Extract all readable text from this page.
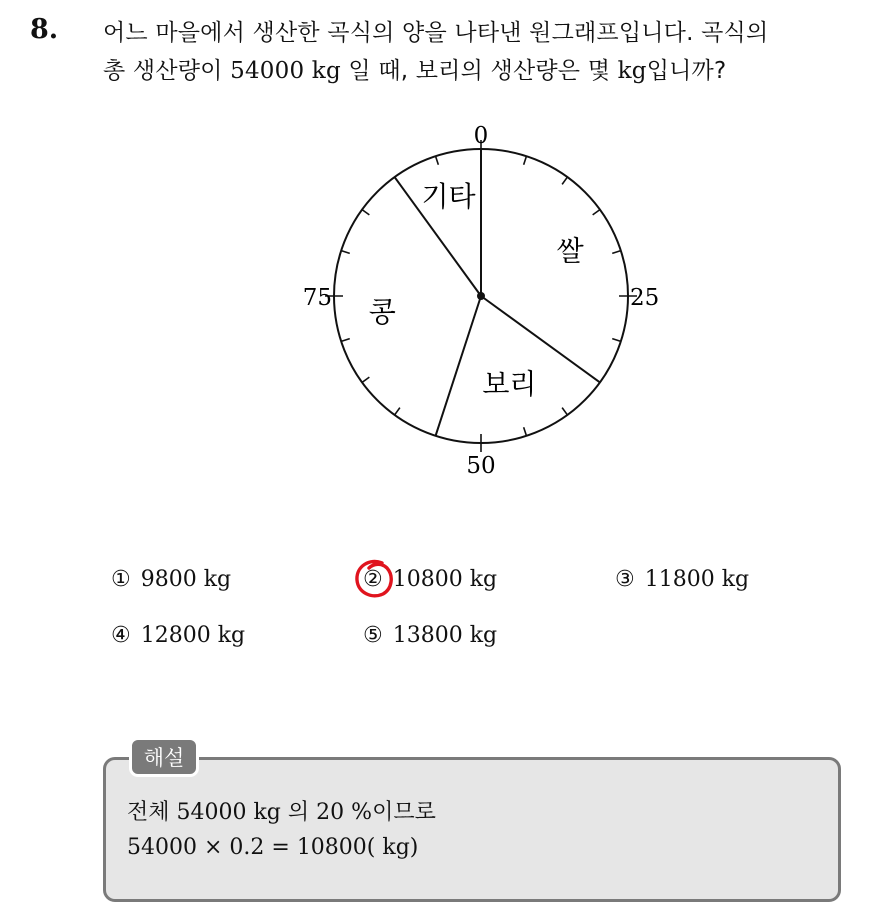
8. 어느 마을에서 생산한 곡식의 양을 나타낸 원그래프입니다. 곡식의
총 생산량이 54000 kg 일 때, 보리의 생산량은 몇 kg입니까?
쌀
보리
콩
기타
0
25
50
75
① 9800 kg	② 10800 kg	③ 11800 kg
④ 12800 kg	⑤ 13800 kg
해설
전체 54000 kg 의 20 %이므로
54000 × 0.2 = 10800( kg)
